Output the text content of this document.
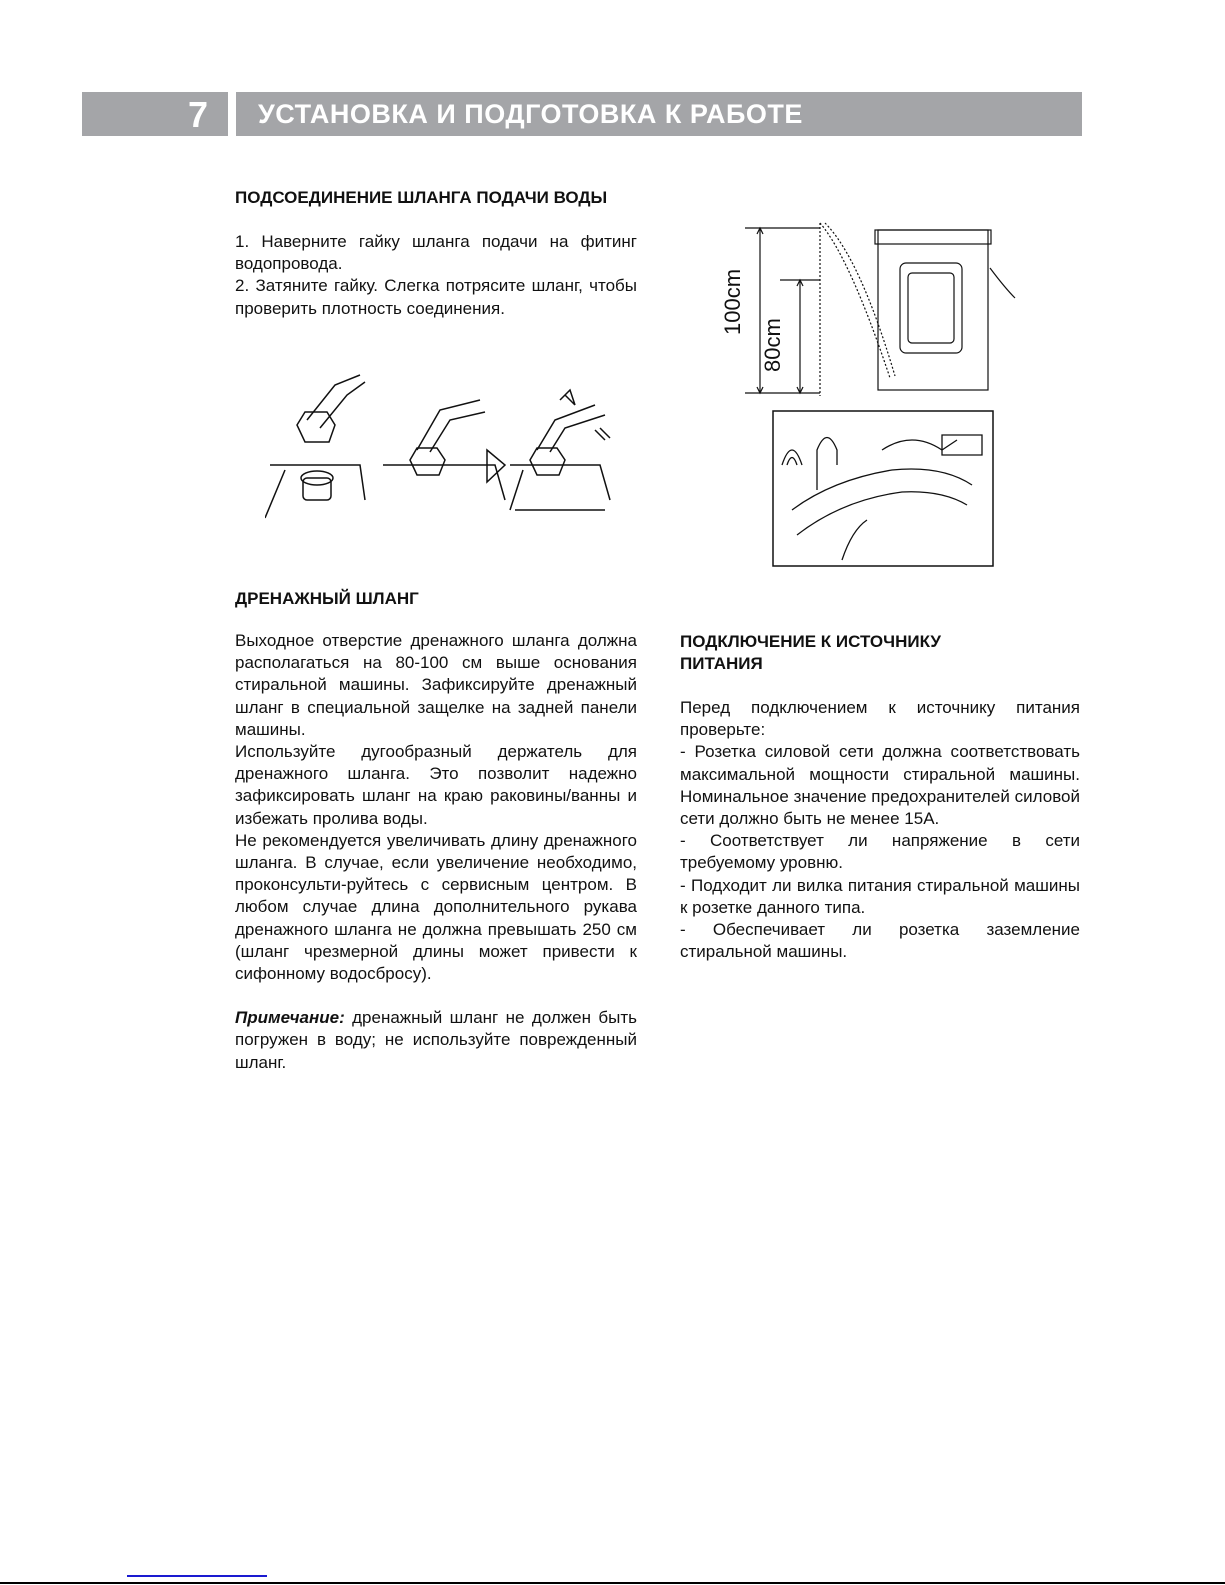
7 УСТАНОВКА И ПОДГОТОВКА К РАБОТЕ
ПОДСОЕДИНЕНИЕ ШЛАНГА ПОДАЧИ ВОДЫ

1. Наверните гайку шланга подачи на фитинг водопровода.

2. Затяните гайку. Слегка потрясите шланг, чтобы проверить плотность соединения.	100cm
80cm
ДРЕНАЖНЫЙ ШЛАНГ

Выходное отверстие дренажного шланга должна располагаться на 80-100 см выше основания стиральной машины. Зафиксируйте дренажный шланг в специальной защелке на задней панели машины.

Используйте дугообразный держатель для дренажного шланга. Это позволит надежно зафиксировать шланг на краю раковины/ванны и избежать пролива воды.

Не рекомендуется увеличивать длину дренажного шланга. В случае, если увеличение необходимо, проконсульти-руйтесь с сервисным центром. В любом случае длина дополнительного рукава дренажного шланга не должна превышать 250 см (шланг чрезмерной длины может привести к сифонному водосбросу).

Примечание: дренажный шланг не должен быть погружен в воду; не используйте поврежденный шланг.

ПОДКЛЮЧЕНИЕ К ИСТОЧНИКУ ПИТАНИЯ

Перед подключением к источнику питания проверьте:

- Розетка силовой сети должна соответствовать максимальной мощности стиральной машины. Номинальное значение предохранителей силовой сети должно быть не менее 15А.

- Соответствует ли напряжение в сети требуемому уровню.

- Подходит ли вилка питания стиральной машины к розетке данного типа.

- Обеспечивает ли розетка заземление стиральной машины.
